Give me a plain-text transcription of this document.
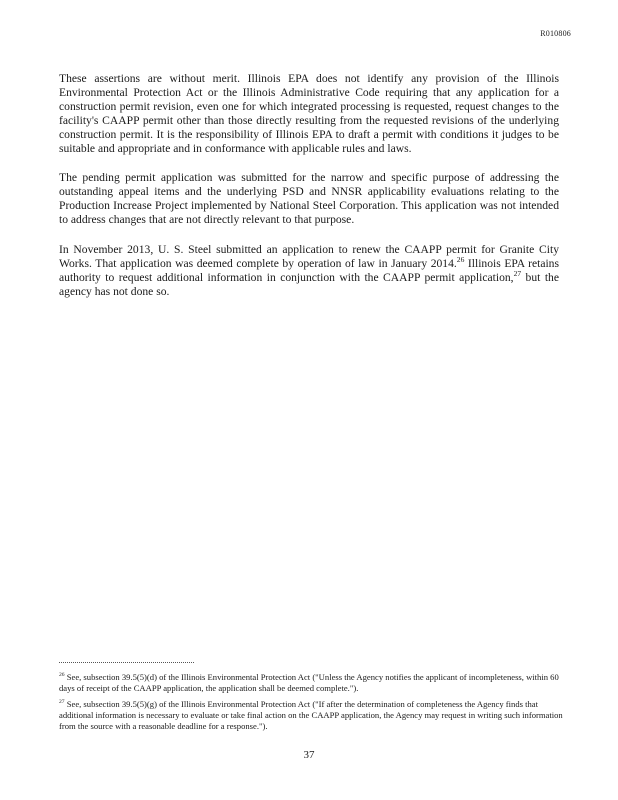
R010806

These assertions are without merit. Illinois EPA does not identify any provision of the Illinois Environmental Protection Act or the Illinois Administrative Code requiring that any application for a construction permit revision, even one for which integrated processing is requested, request changes to the facility's CAAPP permit other than those directly resulting from the requested revisions of the underlying construction permit. It is the responsibility of Illinois EPA to draft a permit with conditions it judges to be suitable and appropriate and in conformance with applicable rules and laws.

The pending permit application was submitted for the narrow and specific purpose of addressing the outstanding appeal items and the underlying PSD and NNSR applicability evaluations relating to the Production Increase Project implemented by National Steel Corporation. This application was not intended to address changes that are not directly relevant to that purpose.

In November 2013, U. S. Steel submitted an application to renew the CAAPP permit for Granite City Works. That application was deemed complete by operation of law in January 2014.26 Illinois EPA retains authority to request additional information in conjunction with the CAAPP permit application,$^{27}$ but the agency has not done so.

$^{26}$ See, subsection 39.5(5)(d) of the Illinois Environmental Protection Act ("Unless the Agency notifies the applicant of incompleteness, within 60 days of receipt of the CAAPP application, the application shall be deemed complete.").

$^{27}$ See, subsection 39.5(5)(g) of the Illinois Environmental Protection Act ("If after the determination of completeness the Agency finds that additional information is necessary to evaluate or take final action on the CAAPP application, the Agency may request in writing such information from the source with a reasonable deadline for a response.").

37
